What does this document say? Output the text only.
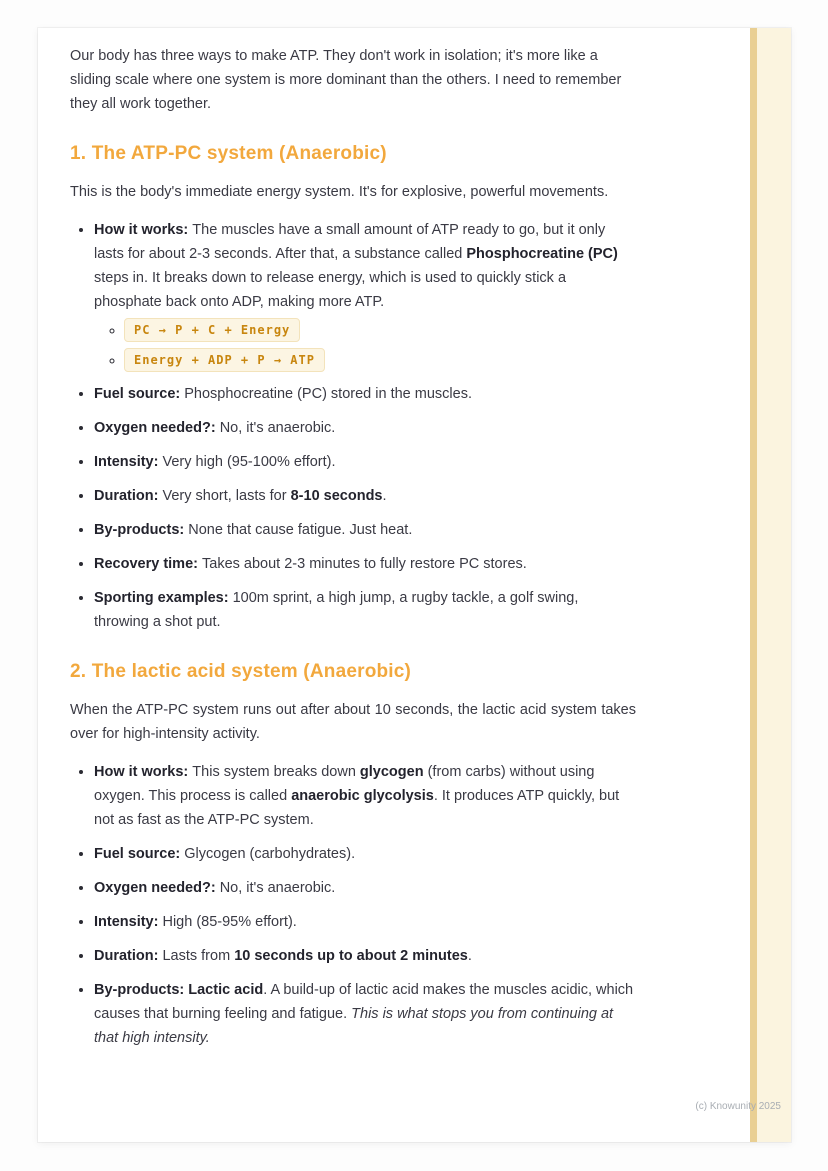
Our body has three ways to make ATP. They don't work in isolation; it's more like a sliding scale where one system is more dominant than the others. I need to remember they all work together.

1. The ATP-PC system (Anaerobic)

This is the body's immediate energy system. It's for explosive, powerful movements.

• How it works: The muscles have a small amount of ATP ready to go, but it only lasts for about 2-3 seconds. After that, a substance called Phosphocreatine (PC) steps in. It breaks down to release energy, which is used to quickly stick a phosphate back onto ADP, making more ATP.
◦ PC → P + C + Energy
◦ Energy + ADP + P → ATP
• Fuel source: Phosphocreatine (PC) stored in the muscles.
• Oxygen needed?: No, it's anaerobic.
• Intensity: Very high (95-100% effort).
• Duration: Very short, lasts for 8-10 seconds.
• By-products: None that cause fatigue. Just heat.
• Recovery time: Takes about 2-3 minutes to fully restore PC stores.
• Sporting examples: 100m sprint, a high jump, a rugby tackle, a golf swing, throwing a shot put.
2. The lactic acid system (Anaerobic)

When the ATP-PC system runs out after about 10 seconds, the lactic acid system takes over for high-intensity activity.

• How it works: This system breaks down glycogen (from carbs) without using oxygen. This process is called anaerobic glycolysis. It produces ATP quickly, but not as fast as the ATP-PC system.
• Fuel source: Glycogen (carbohydrates).
• Oxygen needed?: No, it's anaerobic.
• Intensity: High (85-95% effort).
• Duration: Lasts from 10 seconds up to about 2 minutes.
• By-products: Lactic acid. A build-up of lactic acid makes the muscles acidic, which causes that burning feeling and fatigue. This is what stops you from continuing at that high intensity.
(c) Knowunity 2025
